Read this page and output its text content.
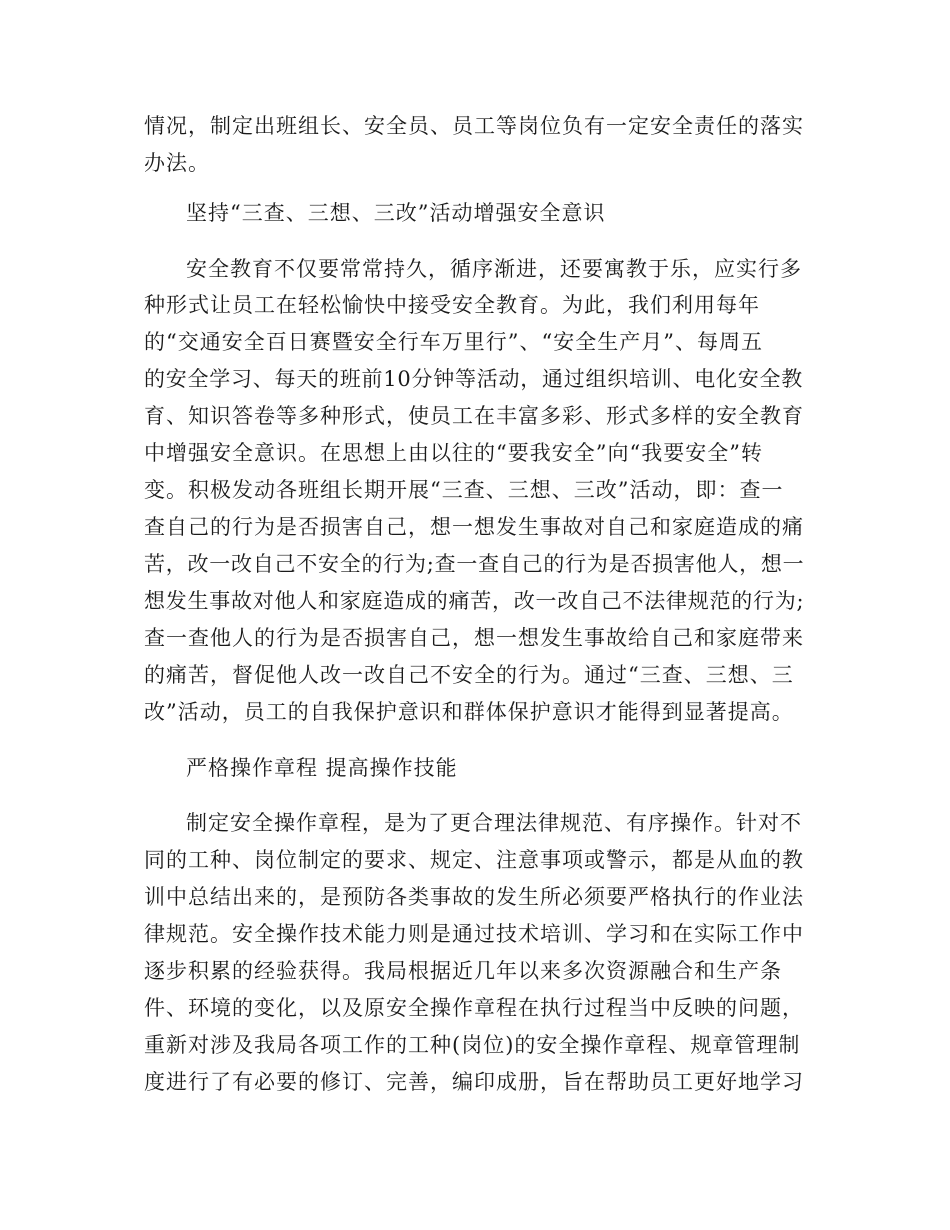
情况，制定出班组长、安全员、员工等岗位负有一定安全责任的落实

办法。

坚持“三查、三想、三改”活动增强安全意识

安全教育不仅要常常持久，循序渐进，还要寓教于乐，应实行多

种形式让员工在轻松愉快中接受安全教育。为此，我们利用每年

的“交通安全百日赛暨安全行车万里行”、“安全生产月”、每周五

的安全学习、每天的班前10分钟等活动，通过组织培训、电化安全教

育、知识答卷等多种形式，使员工在丰富多彩、形式多样的安全教育

中增强安全意识。在思想上由以往的“要我安全”向“我要安全”转

变。积极发动各班组长期开展“三查、三想、三改”活动，即：查一

查自己的行为是否损害自己，想一想发生事故对自己和家庭造成的痛

苦，改一改自己不安全的行为;查一查自己的行为是否损害他人，想一

想发生事故对他人和家庭造成的痛苦，改一改自己不法律规范的行为;

查一查他人的行为是否损害自己，想一想发生事故给自己和家庭带来

的痛苦，督促他人改一改自己不安全的行为。通过“三查、三想、三

改”活动，员工的自我保护意识和群体保护意识才能得到显著提高。

严格操作章程 提高操作技能

制定安全操作章程，是为了更合理法律规范、有序操作。针对不

同的工种、岗位制定的要求、规定、注意事项或警示，都是从血的教

训中总结出来的，是预防各类事故的发生所必须要严格执行的作业法

律规范。安全操作技术能力则是通过技术培训、学习和在实际工作中

逐步积累的经验获得。我局根据近几年以来多次资源融合和生产条

件、环境的变化，以及原安全操作章程在执行过程当中反映的问题，

重新对涉及我局各项工作的工种(岗位)的安全操作章程、规章管理制

度进行了有必要的修订、完善，编印成册，旨在帮助员工更好地学习
